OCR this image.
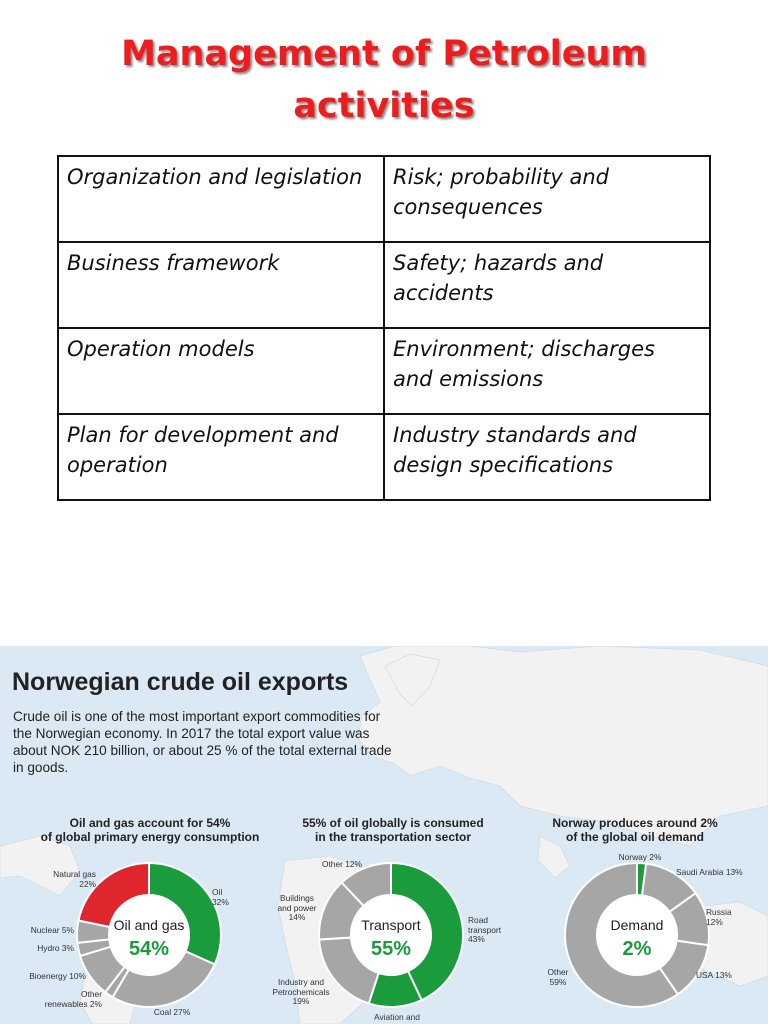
Management of Petroleum
activities
Organization and legislation	Risk; probability and consequences
Business framework	Safety; hazards and accidents
Operation models	Environment; discharges and emissions
Plan for development and operation	Industry standards and design specifications
Norwegian crude oil exports
Crude oil is one of the most important export commodities for the Norwegian economy. In 2017 the total export value was about NOK 210 billion, or about 25 % of the total external trade in goods.
Oil and gas account for 54%
of global primary energy consumption
Oil and gas
54%
Natural gas
22%
Oil
32%
Nuclear 5%
Hydro 3%
Bioenergy 10%
Other
renewables 2%
Coal 27%
55% of oil globally is consumed
in the transportation sector
Transport
55%
Other 12%
Buildings
and power
14%
Industry and
Petrochemicals
19%
Aviation and
Road
transport
43%
Norway produces around 2%
of the global oil demand
Demand
2%
Norway 2%
Saudi Arabia 13%
Russia
12%
USA 13%
Other
59%
